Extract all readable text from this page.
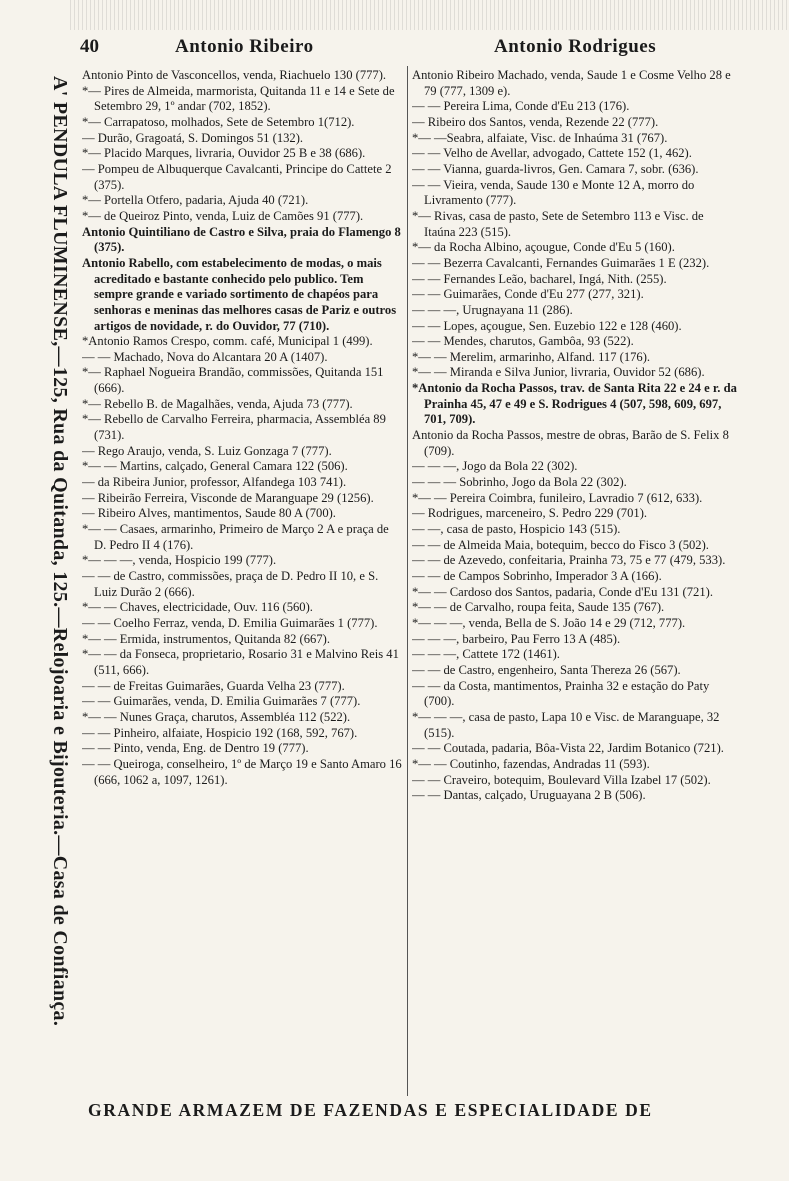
40	Antonio Ribeiro	Antonio Rodrigues
A' PENDULA FLUMINENSE,—125, Rua da Quitanda, 125.—Relojoaria e Bijouteria.—Casa de Confiança.

Antonio Pinto de Vasconcellos, venda, Riachuelo 130 (777).

*— Pires de Almeida, marmorista, Quitanda 11 e 14 e Sete de Setembro 29, 1º andar (702, 1852).

*— Carrapatoso, molhados, Sete de Setembro 1(712).

— Durão, Gragoatá, S. Domingos 51 (132).

*— Placido Marques, livraria, Ouvidor 25 B e 38 (686).

— Pompeu de Albuquerque Cavalcanti, Principe do Cattete 2 (375).

*— Portella Otfero, padaria, Ajuda 40 (721).

*— de Queiroz Pinto, venda, Luiz de Camões 91 (777).

Antonio Quintiliano de Castro e Silva, praia do Flamengo 8 (375).

Antonio Rabello, com estabelecimento de modas, o mais acreditado e bastante conhecido pelo publico. Tem sempre grande e variado sortimento de chapéos para senhoras e meninas das melhores casas de Pariz e outros artigos de novidade, r. do Ouvidor, 77 (710).

*Antonio Ramos Crespo, comm. café, Municipal 1 (499).

— — Machado, Nova do Alcantara 20 A (1407).

*— Raphael Nogueira Brandão, commissões, Quitanda 151 (666).

*— Rebello B. de Magalhães, venda, Ajuda 73 (777).

*— Rebello de Carvalho Ferreira, pharmacia, Assembléa 89 (731).

— Rego Araujo, venda, S. Luiz Gonzaga 7 (777).

*— — Martins, calçado, General Camara 122 (506).

— da Ribeira Junior, professor, Alfandega 103 741).

— Ribeirão Ferreira, Visconde de Maranguape 29 (1256).

— Ribeiro Alves, mantimentos, Saude 80 A (700).

*— — Casaes, armarinho, Primeiro de Março 2 A e praça de D. Pedro II 4 (176).

*— — —, venda, Hospicio 199 (777).

— — de Castro, commissões, praça de D. Pedro II 10, e S. Luiz Durão 2 (666).

*— — Chaves, electricidade, Ouv. 116 (560).

— — Coelho Ferraz, venda, D. Emilia Guimarães 1 (777).

*— — Ermida, instrumentos, Quitanda 82 (667).

*— — da Fonseca, proprietario, Rosario 31 e Malvino Reis 41 (511, 666).

— — de Freitas Guimarães, Guarda Velha 23 (777).

— — Guimarães, venda, D. Emilia Guimarães 7 (777).

*— — Nunes Graça, charutos, Assembléa 112 (522).

— — Pinheiro, alfaiate, Hospicio 192 (168, 592, 767).

— — Pinto, venda, Eng. de Dentro 19 (777).

— — Queiroga, conselheiro, 1º de Março 19 e Santo Amaro 16 (666, 1062 a, 1097, 1261).

Antonio Ribeiro Machado, venda, Saude 1 e Cosme Velho 28 e 79 (777, 1309 e).

— — Pereira Lima, Conde d'Eu 213 (176).

— Ribeiro dos Santos, venda, Rezende 22 (777).

*— —Seabra, alfaiate, Visc. de Inhaúma 31 (767).

— — Velho de Avellar, advogado, Cattete 152 (1, 462).

— — Vianna, guarda-livros, Gen. Camara 7, sobr. (636).

— — Vieira, venda, Saude 130 e Monte 12 A, morro do Livramento (777).

*— Rivas, casa de pasto, Sete de Setembro 113 e Visc. de Itaúna 223 (515).

*— da Rocha Albino, açougue, Conde d'Eu 5 (160).

— — Bezerra Cavalcanti, Fernandes Guimarães 1 E (232).

— — Fernandes Leão, bacharel, Ingá, Nith. (255).

— — Guimarães, Conde d'Eu 277 (277, 321).

— — —, Urugnayana 11 (286).

— — Lopes, açougue, Sen. Euzebio 122 e 128 (460).

— — Mendes, charutos, Gambôa, 93 (522).

*— — Merelim, armarinho, Alfand. 117 (176).

*— — Miranda e Silva Junior, livraria, Ouvidor 52 (686).

*Antonio da Rocha Passos, trav. de Santa Rita 22 e 24 e r. da Prainha 45, 47 e 49 e S. Rodrigues 4 (507, 598, 609, 697, 701, 709).

Antonio da Rocha Passos, mestre de obras, Barão de S. Felix 8 (709).

— — —, Jogo da Bola 22 (302).

— — — Sobrinho, Jogo da Bola 22 (302).

*— — Pereira Coimbra, funileiro, Lavradio 7 (612, 633).

— Rodrigues, marceneiro, S. Pedro 229 (701).

— —, casa de pasto, Hospicio 143 (515).

— — de Almeida Maia, botequim, becco do Fisco 3 (502).

— — de Azevedo, confeitaria, Prainha 73, 75 e 77 (479, 533).

— — de Campos Sobrinho, Imperador 3 A (166).

*— — Cardoso dos Santos, padaria, Conde d'Eu 131 (721).

*— — de Carvalho, roupa feita, Saude 135 (767).

*— — —, venda, Bella de S. João 14 e 29 (712, 777).

— — —, barbeiro, Pau Ferro 13 A (485).

— — —, Cattete 172 (1461).

— — de Castro, engenheiro, Santa Thereza 26 (567).

— — da Costa, mantimentos, Prainha 32 e estação do Paty (700).

*— — —, casa de pasto, Lapa 10 e Visc. de Maranguape, 32 (515).

— — Coutada, padaria, Bôa-Vista 22, Jardim Botanico (721).

*— — Coutinho, fazendas, Andradas 11 (593).

— — Craveiro, botequim, Boulevard Villa Izabel 17 (502).

— — Dantas, calçado, Uruguayana 2 B (506).

GRANDE ARMAZEM DE FAZENDAS E ESPECIALIDADE DE
